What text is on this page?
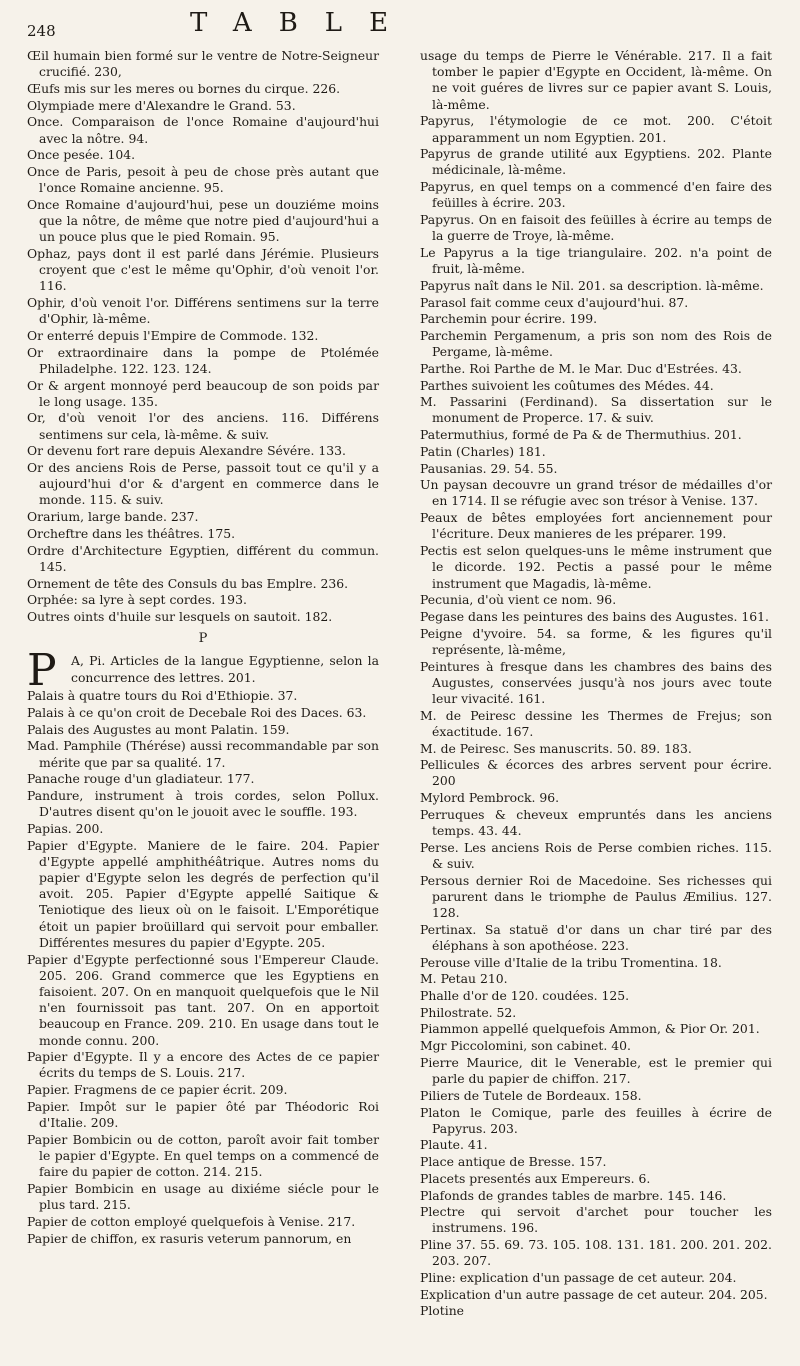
248	TABLE
Œil humain bien formé sur le ventre de Notre-Seigneur crucifié. 230,
Œufs mis sur les meres ou bornes du cirque. 226.
Olympiade mere d'Alexandre le Grand. 53.
Once. Comparaison de l'once Romaine d'aujourd'hui avec la nôtre. 94.
Once pesée. 104.
Once de Paris, pesoit à peu de chose près autant que l'once Romaine ancienne. 95.
Once Romaine d'aujourd'hui, pese un douziéme moins que la nôtre, de même que notre pied d'aujourd'hui a un pouce plus que le pied Romain. 95.
Ophaz, pays dont il est parlé dans Jérémie. Plusieurs croyent que c'est le même qu'Ophir, d'où venoit l'or. 116.
Ophir, d'où venoit l'or. Différens sentimens sur la terre d'Ophir, là-même.
Or enterré depuis l'Empire de Commode. 132.
Or extraordinaire dans la pompe de Ptolémée Philadelphe. 122. 123. 124.
Or & argent monnoyé perd beaucoup de son poids par le long usage. 135.
Or, d'où venoit l'or des anciens. 116. Différens sentimens sur cela, là-même. & suiv.
Or devenu fort rare depuis Alexandre Sévére. 133.
Or des anciens Rois de Perse, passoit tout ce qu'il y a aujourd'hui d'or & d'argent en commerce dans le monde. 115. & suiv.
Orarium, large bande. 237.
Orcheftre dans les théâtres. 175.
Ordre d'Architecture Egyptien, différent du commun. 145.
Ornement de tête des Consuls du bas Emplre. 236.
Orphée: sa lyre à sept cordes. 193.
Outres oints d'huile sur lesquels on sautoit. 182.
P
P A, Pi. Articles de la langue Egyptienne, selon la concurrence des lettres. 201.
Palais à quatre tours du Roi d'Ethiopie. 37.
Palais à ce qu'on croit de Decebale Roi des Daces. 63.
Palais des Augustes au mont Palatin. 159.
Mad. Pamphile (Thérése) aussi recommandable par son mérite que par sa qualité. 17.
Panache rouge d'un gladiateur. 177.
Pandure, instrument à trois cordes, selon Pollux. D'autres disent qu'on le jouoit avec le souffle. 193.
Papias. 200.
Papier d'Egypte. Maniere de le faire. 204. Papier d'Egypte appellé amphithéâtrique. Autres noms du papier d'Egypte selon les degrés de perfection qu'il avoit. 205. Papier d'Egypte appellé Saitique & Teniotique des lieux où on le faisoit. L'Emporétique étoit un papier broüillard qui servoit pour emballer. Différentes mesures du papier d'Egypte. 205.
Papier d'Egypte perfectionné sous l'Empereur Claude. 205. 206. Grand commerce que les Egyptiens en faisoient. 207. On en manquoit quelquefois que le Nil n'en fournissoit pas tant. 207. On en apportoit beaucoup en France. 209. 210. En usage dans tout le monde connu. 200.
Papier d'Egypte. Il y a encore des Actes de ce papier écrits du temps de S. Louis. 217.
Papier. Fragmens de ce papier écrit. 209.
Papier. Impôt sur le papier ôté par Théodoric Roi d'Italie. 209.
Papier Bombicin ou de cotton, paroît avoir fait tomber le papier d'Egypte. En quel temps on a commencé de faire du papier de cotton. 214. 215.
Papier Bombicin en usage au dixiéme siécle pour le plus tard. 215.
Papier de cotton employé quelquefois à Venise. 217.
Papier de chiffon, ex rasuris veterum pannorum, en
usage du temps de Pierre le Vénérable. 217. Il a fait tomber le papier d'Egypte en Occident, là-même. On ne voit guéres de livres sur ce papier avant S. Louis, là-même.
Papyrus, l'étymologie de ce mot. 200. C'étoit apparamment un nom Egyptien. 201.
Papyrus de grande utilité aux Egyptiens. 202. Plante médicinale, là-même.
Papyrus, en quel temps on a commencé d'en faire des feüilles à écrire. 203.
Papyrus. On en faisoit des feüilles à écrire au temps de la guerre de Troye, là-même.
Le Papyrus a la tige triangulaire. 202. n'a point de fruit, là-même.
Papyrus naît dans le Nil. 201. sa description. là-même.
Parasol fait comme ceux d'aujourd'hui. 87.
Parchemin pour écrire. 199.
Parchemin Pergamenum, a pris son nom des Rois de Pergame, là-même.
Parthe. Roi Parthe de M. le Mar. Duc d'Estrées. 43.
Parthes suivoient les coûtumes des Médes. 44.
M. Passarini (Ferdinand). Sa dissertation sur le monument de Properce. 17. & suiv.
Patermuthius, formé de Pa & de Thermuthius. 201.
Patin (Charles) 181.
Pausanias. 29. 54. 55.
Un paysan decouvre un grand trésor de médailles d'or en 1714. Il se réfugie avec son trésor à Venise. 137.
Peaux de bêtes employées fort anciennement pour l'écriture. Deux manieres de les préparer. 199.
Pectis est selon quelques-uns le même instrument que le dicorde. 192. Pectis a passé pour le même instrument que Magadis, là-même.
Pecunia, d'où vient ce nom. 96.
Pegase dans les peintures des bains des Augustes. 161.
Peigne d'yvoire. 54. sa forme, & les figures qu'il représente, là-même,
Peintures à fresque dans les chambres des bains des Augustes, conservées jusqu'à nos jours avec toute leur vivacité. 161.
M. de Peiresc dessine les Thermes de Frejus; son éxactitude. 167.
M. de Peiresc. Ses manuscrits. 50. 89. 183.
Pellicules & écorces des arbres servent pour écrire. 200
Mylord Pembrock. 96.
Perruques & cheveux empruntés dans les anciens temps. 43. 44.
Perse. Les anciens Rois de Perse combien riches. 115. & suiv.
Persous dernier Roi de Macedoine. Ses richesses qui parurent dans le triomphe de Paulus Æmilius. 127. 128.
Pertinax. Sa statuë d'or dans un char tiré par des éléphans à son apothéose. 223.
Perouse ville d'Italie de la tribu Tromentina. 18.
M. Petau 210.
Phalle d'or de 120. coudées. 125.
Philostrate. 52.
Piammon appellé quelquefois Ammon, & Pior Or. 201.
Mgr Piccolomini, son cabinet. 40.
Pierre Maurice, dit le Venerable, est le premier qui parle du papier de chiffon. 217.
Piliers de Tutele de Bordeaux. 158.
Platon le Comique, parle des feuilles à écrire de Papyrus. 203.
Plaute. 41.
Place antique de Bresse. 157.
Placets presentés aux Empereurs. 6.
Plafonds de grandes tables de marbre. 145. 146.
Plectre qui servoit d'archet pour toucher les instrumens. 196.
Pline 37. 55. 69. 73. 105. 108. 131. 181. 200. 201. 202. 203. 207.
Pline: explication d'un passage de cet auteur. 204.
Explication d'un autre passage de cet auteur. 204. 205.
Plotine
